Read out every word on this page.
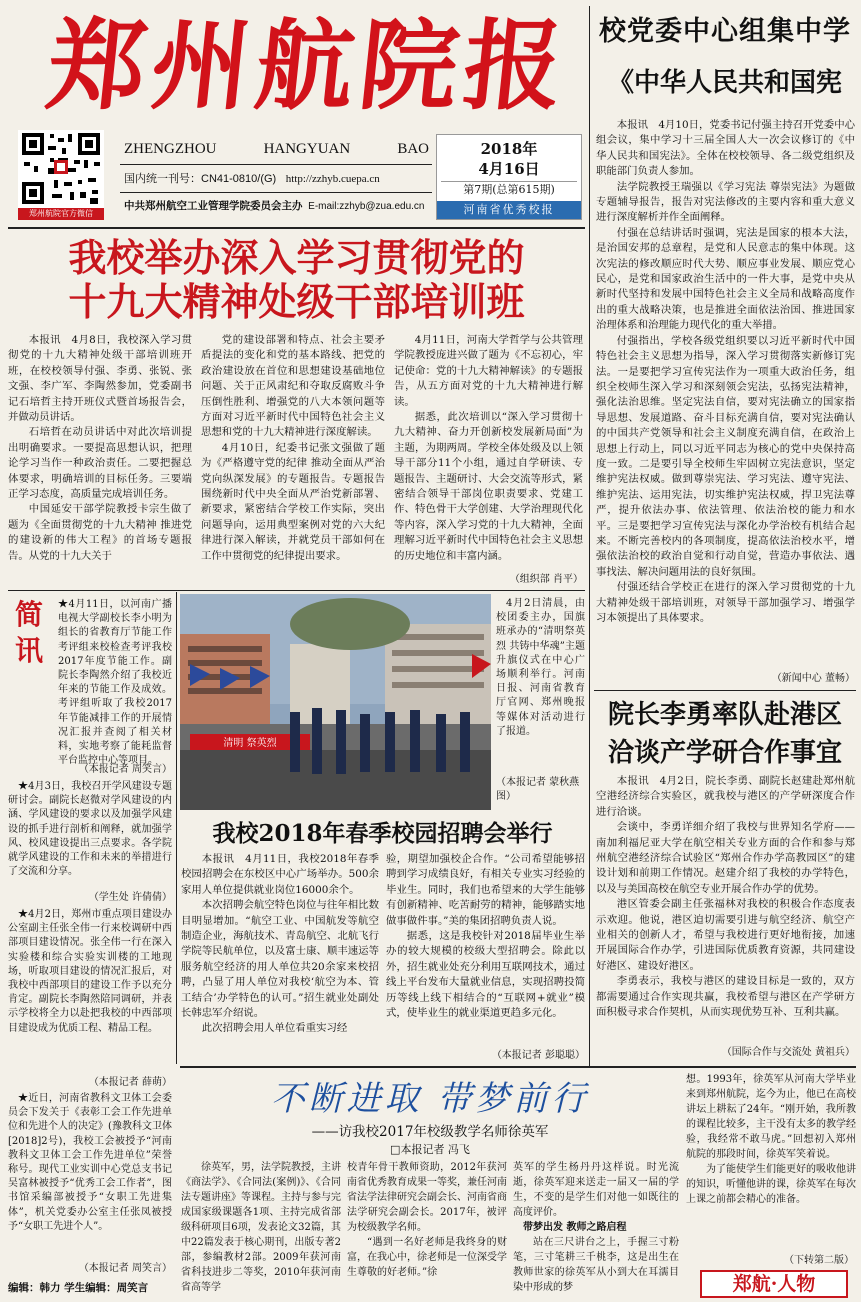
郑州航院报
郑州航院官方微信
ZHENGZHOU	HANGYUAN	BAO
国内统一刊号：CN41-0810/(G) http://zzhyb.cuepa.cn
中共郑州航空工业管理学院委员会主办 E-mail:zzhyb@zua.edu.cn
2018年
4月16日
第7期(总第615期)
河南省优秀校报
我校举办深入学习贯彻党的
十九大精神处级干部培训班

本报讯　4月8日，我校深入学习贯彻党的十九大精神处级干部培训班开班，在校校领导付强、李勇、张锐、张文强、李广军、李陶然参加，党委副书记石培哲主持开班仪式暨首场报告会，并做动员讲话。

石培哲在动员讲话中对此次培训提出明确要求。一要提高思想认识，把理论学习当作一种政治责任。二要把握总体要求，明确培训的目标任务。三要端正学习态度，高质量完成培训任务。

中国延安干部学院教授卡宗生做了题为《全面贯彻党的十九大精神 推进党的建设新的伟大工程》的首场专题报告。从党的十九大关于

党的建设部署和特点、社会主要矛盾提法的变化和党的基本路线、把党的政治建设放在首位和思想建设基础地位问题、关于正风肃纪和夺取反腐败斗争压倒性胜利、增强党的八大本领问题等方面对习近平新时代中国特色社会主义思想和党的十九大精神进行深度解读。

4月10日，纪委书记张文强做了题为《严格遵守党的纪律 推动全面从严治党向纵深发展》的专题报告。专题报告围绕新时代中央全面从严治党新部署、新要求，紧密结合学校工作实际，突出问题导向，运用典型案例对党的六大纪律进行深入解读，并就党员干部如何在工作中贯彻党的纪律提出要求。

4月11日，河南大学哲学与公共管理学院教授庞进兴做了题为《不忘初心，牢记使命：党的十九大精神解读》的专题报告，从五方面对党的十九大精神进行解读。

据悉，此次培训以“深入学习贯彻十九大精神、奋力开创新校发展新局面”为主题，为期两周。学校全体处级及以上领导干部分11个小组，通过自学研读、专题报告、主题研讨、大会交流等形式，紧密结合领导干部岗位职责要求、党建工作、特色骨干大学创建、大学治理现代化等内容，深入学习党的十九大精神，全面理解习近平新时代中国特色社会主义思想的历史地位和丰富内涵。

（组织部 肖平）
校党委中心组集中学
《中华人民共和国宪

本报讯　4月10日，党委书记付强主持召开党委中心组会议，集中学习十三届全国人大一次会议修订的《中华人民共和国宪法》。全体在校校领导、各二级党组织及职能部门负责人参加。

法学院教授王瑞强以《学习宪法 尊崇宪法》为题做专题辅导报告，报告对宪法修改的主要内容和重大意义进行深度解析并作全面阐释。

付强在总结讲话时强调，宪法是国家的根本大法，是治国安邦的总章程，是党和人民意志的集中体现。这次宪法的修改顺应时代大势、顺应事业发展、顺应党心民心，是党和国家政治生活中的一件大事，是党中央从新时代坚持和发展中国特色社会主义全局和战略高度作出的重大战略决策，也是推进全面依法治国、推进国家治理体系和治理能力现代化的重大举措。

付强指出，学校各级党组织要以习近平新时代中国特色社会主义思想为指导，深入学习贯彻落实新修订宪法。一是要把学习宣传宪法作为一项重大政治任务，组织全校师生深入学习和深刻领会宪法，弘扬宪法精神，强化法治思维。坚定宪法自信，要对宪法确立的国家指导思想、发展道路、奋斗目标充满自信，要对宪法确认的中国共产党领导和社会主义制度充满自信，在政治上思想上行动上，同以习近平同志为核心的党中央保持高度一致。二是要引导全校师生牢固树立宪法意识，坚定维护宪法权威。做到尊崇宪法、学习宪法、遵守宪法、维护宪法、运用宪法，切实维护宪法权威，捍卫宪法尊严，提升依法办事、依法管理、依法治校的能力和水平。三是要把学习宣传宪法与深化办学治校有机结合起来。不断完善校内的各项制度，提高依法治校水平，增强依法治校的政治自觉和行动自觉，营造办事依法、遇事找法、解决问题用法的良好氛围。

付强还结合学校正在进行的深入学习贯彻党的十九大精神处级干部培训班，对领导干部加强学习、增强学习本领提出了具体要求。

（新闻中心 董畅）
简
讯

★4月11日，以河南广播电视大学副校长李小明为组长的省教育厅节能工作考评组来校检查考评我校2017年度节能工作。副院长李陶然介绍了我校近年来的节能工作及成效。考评组听取了我校2017年节能减排工作的开展情况汇报并查阅了相关材料，实地考察了能耗监督平台监控中心等项目。

（本报记者 周笑言）

★4月3日，我校召开学风建设专题研讨会。副院长赵微对学风建设的内涵、学风建设的要求以及加强学风建设的抓手进行剖析和阐释，就加强学风、校风建设提出三点要求。各学院就学风建设的工作和未来的举措进行了交流和分享。

（学生处 许倩倩）

★4月2日，郑州市重点项目建设办公室副主任张全伟一行来校调研中西部项目建设情况。张全伟一行在深入实验楼和综合实验实训楼的工地现场，听取项目建设的情况汇报后，对我校中西部项目的建设工作予以充分肯定。副院长李陶然陪同调研，并表示学校将全力以赴把我校的中西部项目建设成为优质工程、精品工程。

（本报记者 薛萌）

★近日，河南省教科文卫体工会委员会下发关于《表彰工会工作先进单位和先进个人的决定》(豫教科文卫体[2018]2号)，我校工会被授予“河南教科文卫体工会工作先进单位”荣誉称号。现代工业实训中心党总支书记吴富林被授予“优秀工会工作者”，图书馆采编部被授予“女职工先进集体”，机关党委办公室主任张凤被授予“女职工先进个人”。

（本报记者 周笑言）
编辑：韩力 学生编辑：周笑言
清明 祭英烈

4月2日清晨，由校团委主办，国旗班承办的“清明祭英烈 共铸中华魂”主题升旗仪式在中心广场顺利举行。河南日报、河南省教育厅官网、郑州晚报等媒体对活动进行了报道。

（本报记者 蒙秋燕 图）
我校2018年春季校园招聘会举行

本报讯　4月11日，我校2018年春季校园招聘会在东校区中心广场举办。500余家用人单位提供就业岗位16000余个。

本次招聘会航空特色岗位与往年相比数目明显增加。“航空工业、中国航发等航空制造企业，海航技术、青岛航空、北航飞行学院等民航单位，以及富士康、顺丰速运等服务航空经济的用人单位共20余家来校招聘，凸显了用人单位对我校‘航空为本、管工结合’办学特色的认可。”招生就业处副处长韩忠军介绍说。

此次招聘会用人单位看重实习经

验，期望加强校企合作。“公司希望能够招聘到学习成绩良好，有相关专业实习经验的毕业生。同时，我们也希望来的大学生能够有创新精神、吃苦耐劳的精神，能够踏实地做事做件事。”美的集团招聘负责人说。

据悉，这是我校针对2018届毕业生举办的较大规模的校级大型招聘会。除此以外，招生就业处充分利用互联网技术，通过线上平台发布大量就业信息，实现招聘投简历等线上线下相结合的“互联网+就业”模式，使毕业生的就业渠道更趋多元化。

（本报记者 彭聪聪）
院长李勇率队赴港区
洽谈产学研合作事宜

本报讯　4月2日，院长李勇、副院长赵建赴郑州航空港经济综合实验区，就我校与港区的产学研深度合作进行洽谈。

会谈中，李勇详细介绍了我校与世界知名学府——南加利福尼亚大学在航空相关专业方面的合作和参与郑州航空港经济综合试验区“郑州合作办学高教园区”的建设计划和前期工作情况。赵建介绍了我校的办学特色，以及与美国高校在航空专业开展合作办学的优势。

港区管委会副主任张福林对我校的积极合作态度表示欢迎。他说，港区迫切需要引进与航空经济、航空产业相关的创新人才，希望与我校进行更好地衔接，加速开展国际合作办学，引进国际优质教育资源，共同建设好港区、建设好港区。

李勇表示，我校与港区的建设目标是一致的，双方都需要通过合作实现共赢，我校希望与港区在产学研方面积极寻求合作契机，从而实现优势互补、互利共赢。

（国际合作与交流处 黄祖兵）
不断进取 带梦前行
——访我校2017年校级教学名师徐英军
□本报记者 冯飞

徐英军，男，法学院教授，主讲《商法学》、《合同法(案例)》、《合同法专题讲座》等课程。主持与参与完成国家级课题各1项、主持完成省部级科研项目6项，发表论文32篇，其中22篇发表于核心期刊，出版专著2部，参编教材2部。2009年获河南省科技进步二等奖，2010年获河南省高等学

校青年骨干教师资助，2012年获河南省优秀教育成果一等奖，兼任河南省法学法律研究会副会长、河南省商法学研究会副会长。2017年，被评为校级教学名师。

“遇到一名好老师是我终身的财富，在我心中，徐老师是一位深受学生尊敬的好老师。”徐

英军的学生杨丹丹这样说。时光流逝，徐英军迎来送走一届又一届的学生，不变的是学生们对他一如既往的高度评价。

带梦出发 教师之路启程

站在三尺讲台之上，手握三寸粉笔，三寸笔耕三千桃李，这是出生在教师世家的徐英军从小到大在耳濡目染中形成的梦

想。1993年，徐英军从河南大学毕业来到郑州航院，迄今为止，他已在高校讲坛上耕耘了24年。“刚开始，我所教的课程比较多，主干没有太多的教学经验，我经常不敢马虎。”回想初入郑州航院的那段时间，徐英军笑着说。

为了能使学生们能更好的吸收他讲的知识，听懂他讲的课，徐英军在每次上课之前都会精心的准备。

（下转第二版）
郑航·人物
